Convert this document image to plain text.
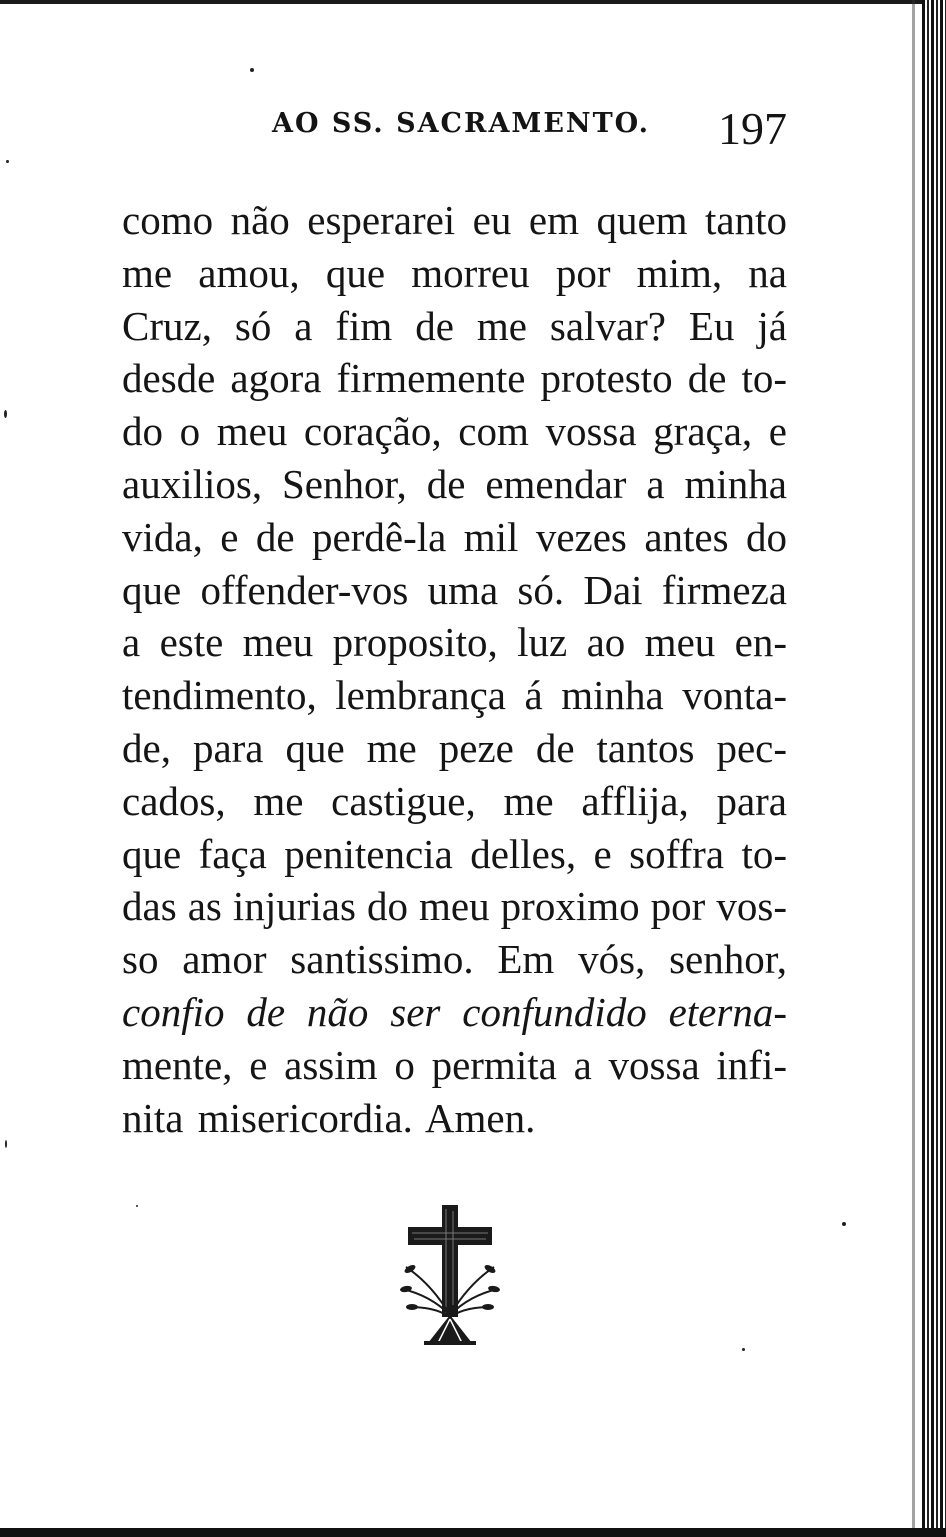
AO SS. SACRAMENTO. 197
como não esperarei eu em quem tanto
me amou, que morreu por mim, na
Cruz, só a fim de me salvar? Eu já
desde agora firmemente protesto de to-
do o meu coração, com vossa graça, e
auxilios, Senhor, de emendar a minha
vida, e de perdê-la mil vezes antes do
que offender-vos uma só. Dai firmeza
a este meu proposito, luz ao meu en-
tendimento, lembrança á minha vonta-
de, para que me peze de tantos pec-
cados, me castigue, me afflija, para
que faça penitencia delles, e soffra to-
das as injurias do meu proximo por vos-
so amor santissimo. Em vós, senhor,
confio de não ser confundido eterna-
mente, e assim o permita a vossa infi-
nita misericordia. Amen.
